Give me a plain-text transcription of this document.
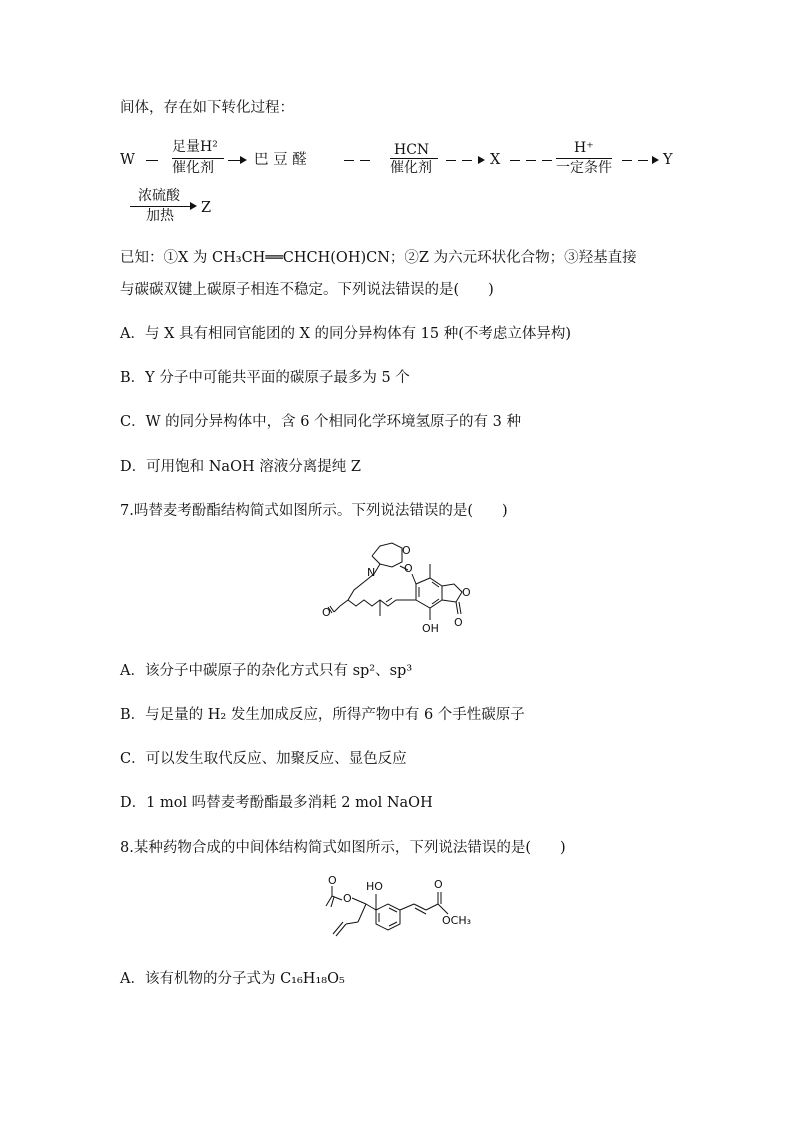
间体，存在如下转化过程：
W
足量H²
催化剂	巴 豆 醛
HCN
催化剂	X
H⁺
一定条件	Y
浓硫酸
加热 Z
已知：①X 为 CH₃CH══CHCH(OH)CN；②Z 为六元环状化合物；③羟基直接
与碳碳双键上碳原子相连不稳定。下列说法错误的是(　　)
A．与 X 具有相同官能团的 X 的同分异构体有 15 种(不考虑立体异构)
B．Y 分子中可能共平面的碳原子最多为 5 个
C．W 的同分异构体中，含 6 个相同化学环境氢原子的有 3 种
D．可用饱和 NaOH 溶液分离提纯 Z
7.吗替麦考酚酯结构简式如图所示。下列说法错误的是(　　)
O
N
O
O
OH
O
O
A．该分子中碳原子的杂化方式只有 sp²、sp³
B．与足量的 H₂ 发生加成反应，所得产物中有 6 个手性碳原子
C．可以发生取代反应、加聚反应、显色反应
D．1 mol 吗替麦考酚酯最多消耗 2 mol NaOH
8.某种药物合成的中间体结构简式如图所示，下列说法错误的是(　　)
HO
O
O
O
OCH₃
A．该有机物的分子式为 C₁₆H₁₈O₅
